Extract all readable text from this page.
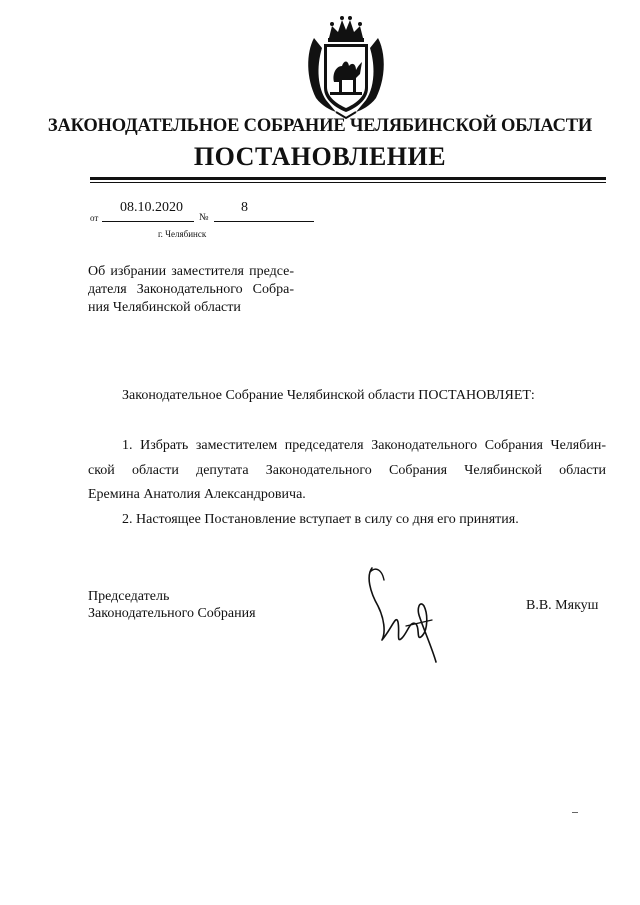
ЗАКОНОДАТЕЛЬНОЕ СОБРАНИЕ ЧЕЛЯБИНСКОЙ ОБЛАСТИ
ПОСТАНОВЛЕНИЕ
08.10.2020	8
от	№
г. Челябинск
Об избрании заместителя предсе-
дателя Законодательного Собра-
ния Челябинской области
Законодательное Собрание Челябинской области ПОСТАНОВЛЯЕТ:
1. Избрать заместителем председателя Законодательного Собрания Челябин-
ской области депутата Законодательного Собрания Челябинской области
Еремина Анатолия Александровича.
2. Настоящее Постановление вступает в силу со дня его принятия.
Председатель
Законодательного Собрания
В.В. Мякуш
